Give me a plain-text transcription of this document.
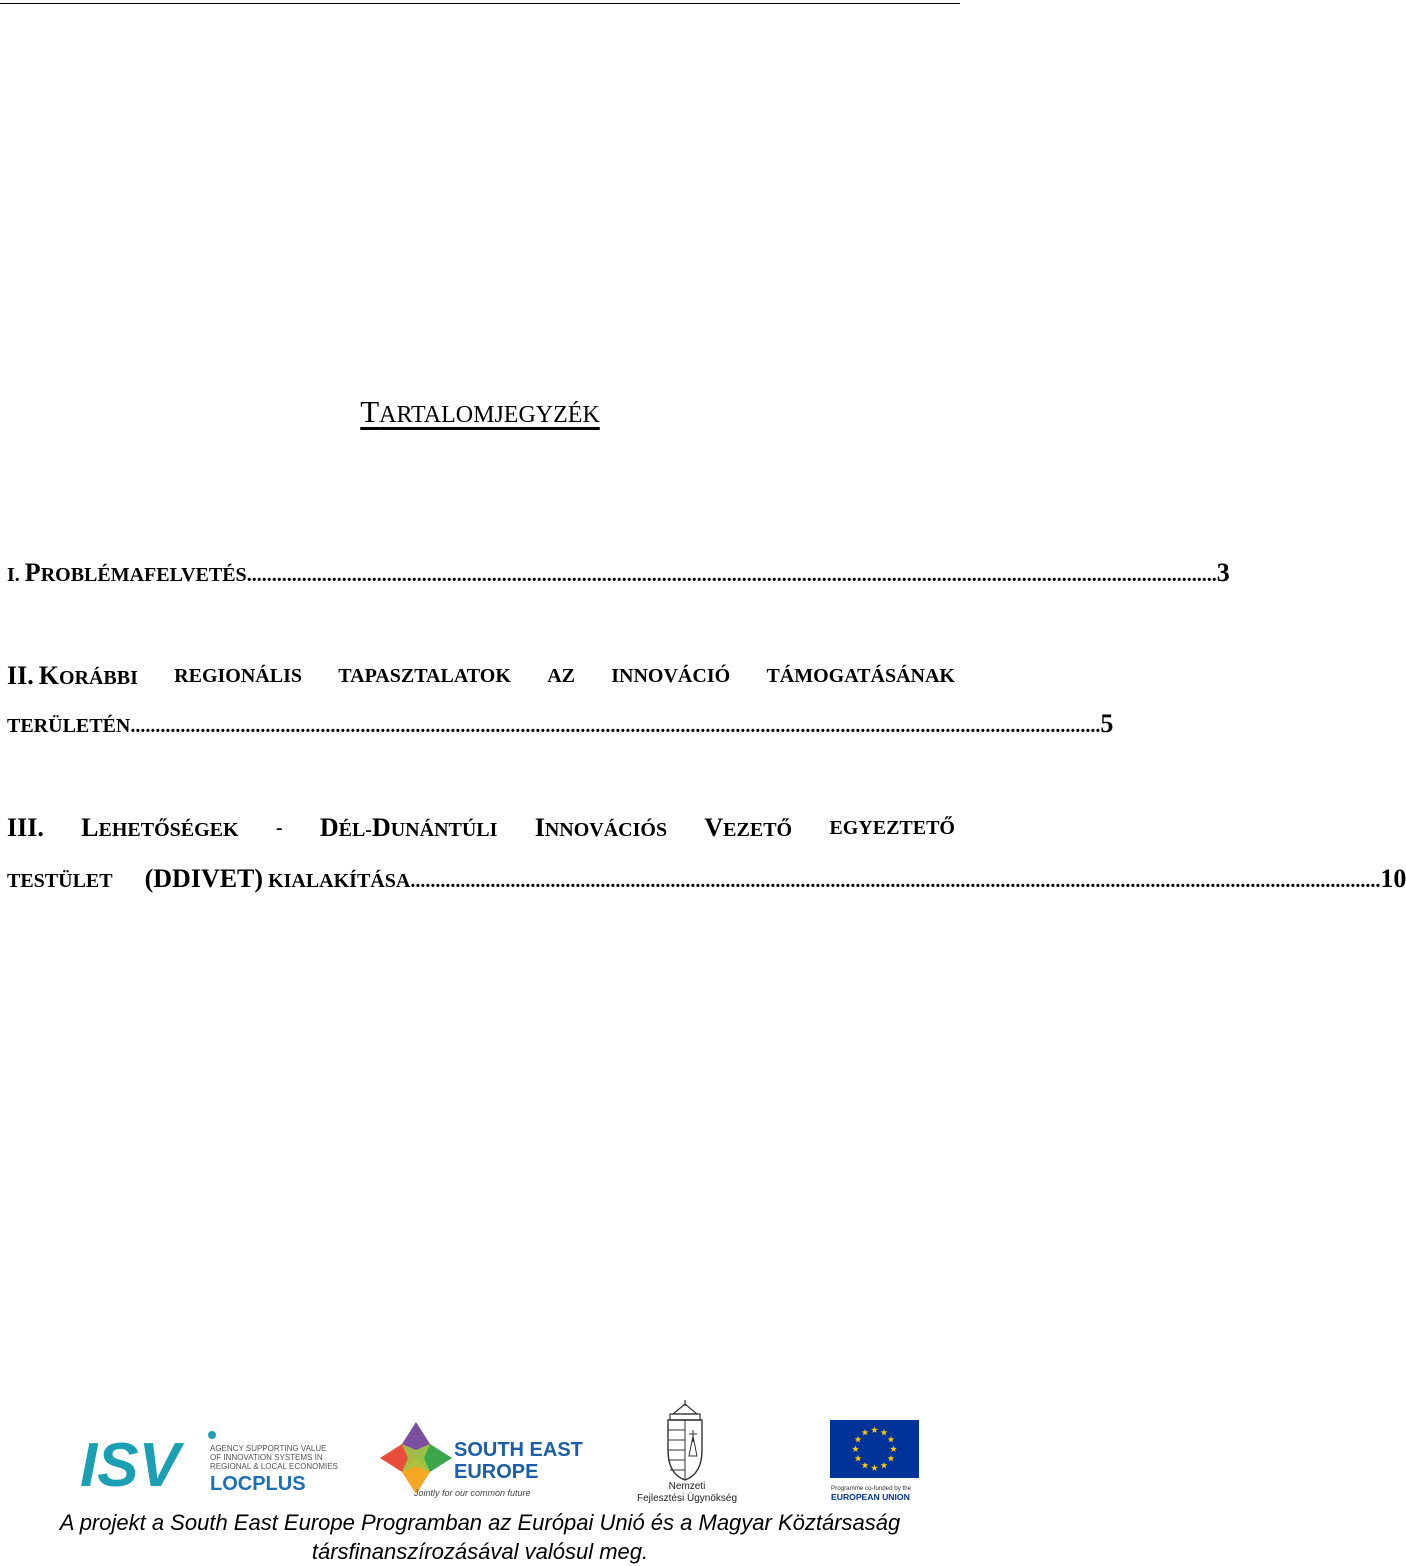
TARTALOMJEGYZÉK
I. PROBLÉMAFELVETÉS .................................................................................................................................................................................................. 3
II. KORÁBBI REGIONÁLIS TAPASZTALATOK AZ INNOVÁCIÓ TÁMOGATÁSÁNAK
TERÜLETÉN .................................................................................................................................................................................................. 5
III. LEHETŐSÉGEK - DÉL-DUNÁNTÚLI INNOVÁCIÓS VEZETŐ EGYEZTETŐ
TESTÜLET (DDIVET) KIALAKÍTÁSA .................................................................................................................................................................................................. 10
ISV	AGENCY SUPPORTING VALUE
OF INNOVATION SYSTEMS IN
REGIONAL & LOCAL ECONOMIES
LOCPLUS
SOUTH EAST
EUROPE
Jointly for our common future
Nemzeti
Fejlesztési Ügynökség
Programme co-funded by the
EUROPEAN UNION
A projekt a South East Europe Programban az Európai Unió és a Magyar Köztársaság
társfinanszírozásával valósul meg.
